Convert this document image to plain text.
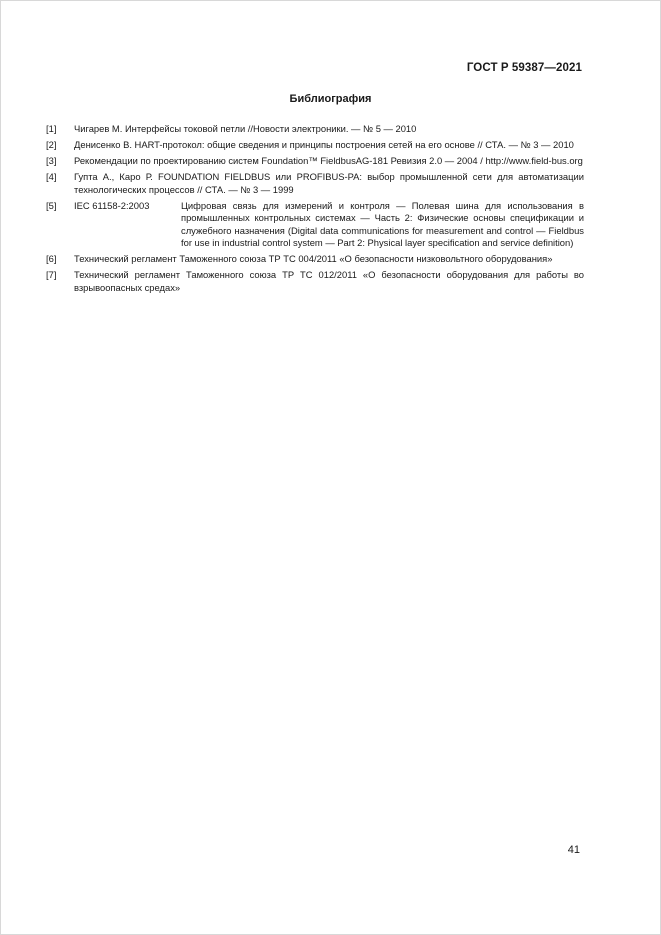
ГОСТ Р 59387—2021
Библиография
[1] Чигарев М. Интерфейсы токовой петли //Новости электроники. — № 5 — 2010
[2] Денисенко В. HART-протокол: общие сведения и принципы построения сетей на его основе // СТА. — № 3 — 2010
[3] Рекомендации по проектированию систем Foundation™ FieldbusAG-181 Ревизия 2.0 — 2004 / http://www.field-bus.org
[4] Гупта А., Каро Р. FOUNDATION FIELDBUS или PROFIBUS-PA: выбор промышленной сети для автоматизации технологических процессов // СТА. — № 3 — 1999
[5] IEC 61158-2:2003	Цифровая связь для измерений и контроля — Полевая шина для использования в промышленных контрольных системах — Часть 2: Физические основы спецификации и служебного назначения (Digital data communications for measurement and control — Fieldbus for use in industrial control system — Part 2: Physical layer specification and service definition)
[6] Технический регламент Таможенного союза ТР ТС 004/2011 «О безопасности низковольтного оборудования»
[7] Технический регламент Таможенного союза ТР ТС 012/2011 «О безопасности оборудования для работы во взрывоопасных средах»
41
